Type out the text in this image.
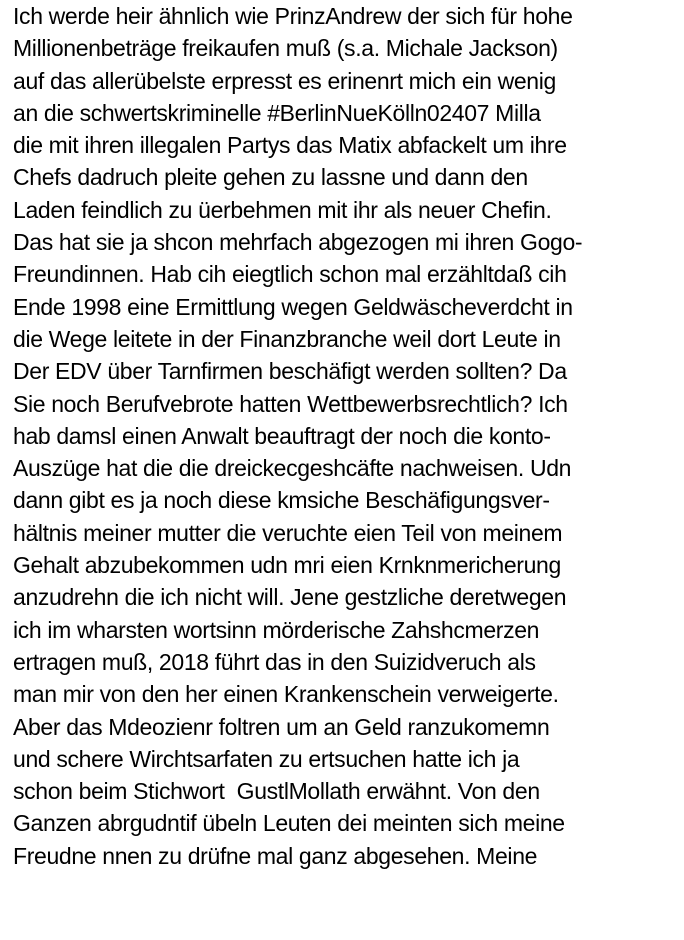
Ich werde heir ähnlich wie PrinzAndrew der sich für hohe
Millionenbeträge freikaufen muß (s.a. Michale Jackson)
auf das allerübelste erpresst es erinenrt mich ein wenig
an die schwertskriminelle #BerlinNueKölln02407 Milla
die mit ihren illegalen Partys das Matix abfackelt um ihre
Chefs dadruch pleite gehen zu lassne und dann den
Laden feindlich zu üerbehmen mit ihr als neuer Chefin.
Das hat sie ja shcon mehrfach abgezogen mi ihren Gogo-
Freundinnen. Hab cih eiegtlich schon mal erzähltdaß cih
Ende 1998 eine Ermittlung wegen Geldwäscheverdcht in
die Wege leitete in der Finanzbranche weil dort Leute in
Der EDV über Tarnfirmen beschäfigt werden sollten? Da
Sie noch Berufvebrote hatten Wettbewerbsrechtlich? Ich
hab damsl einen Anwalt beauftragt der noch die konto-
Auszüge hat die die dreickecgeshcäfte nachweisen. Udn
dann gibt es ja noch diese kmsiche Beschäfigungsver-
hältnis meiner mutter die veruchte eien Teil von meinem
Gehalt abzubekommen udn mri eien Krnknmericherung
anzudrehn die ich nicht will. Jene gestzliche deretwegen
ich im wharsten wortsinn mörderische Zahshcmerzen
ertragen muß, 2018 führt das in den Suizidveruch als
man mir von den her einen Krankenschein verweigerte.
Aber das Mdeozienr foltren um an Geld ranzukomemn
und schere Wirchtsarfaten zu ertsuchen hatte ich ja
schon beim Stichwort  GustlMollath erwähnt. Von den
Ganzen abrgudntif übeln Leuten dei meinten sich meine
Freudne nnen zu drüfne mal ganz abgesehen. Meine
